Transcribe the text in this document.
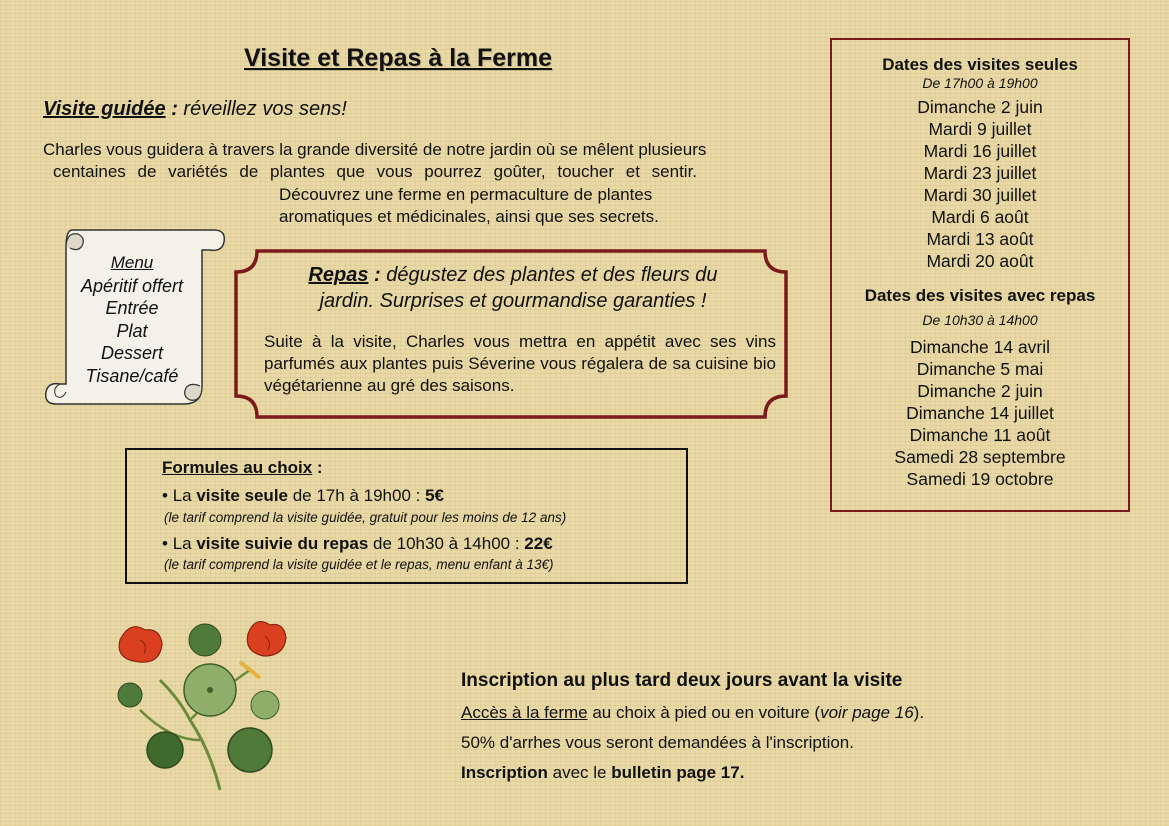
Visite et Repas à la Ferme
Visite guidée : réveillez vos sens!
Charles vous guidera à travers la grande diversité de notre jardin où se mêlent plusieurs
centaines de variétés de plantes que vous pourrez goûter, toucher et sentir.
Découvrez une ferme en permaculture de plantes
aromatiques et médicinales, ainsi que ses secrets.
Menu
Apéritif offert
Entrée
Plat
Dessert
Tisane/café
Repas : dégustez des plantes et des fleurs du
jardin. Surprises et gourmandise garanties !
Suite à la visite, Charles vous mettra en appétit avec ses vins parfumés aux plantes puis Séverine vous régalera de sa cuisine bio végétarienne au gré des saisons.
Formules au choix :
• La visite seule de 17h à 19h00 : 5€
(le tarif comprend la visite guidée, gratuit pour les moins de 12 ans)
• La visite suivie du repas de 10h30 à 14h00 : 22€
(le tarif comprend la visite guidée et le repas, menu enfant à 13€)
Dates des visites seules
De 17h00 à 19h00
Dimanche 2 juin
Mardi 9 juillet
Mardi 16 juillet
Mardi 23 juillet
Mardi 30 juillet
Mardi 6 août
Mardi 13 août
Mardi 20 août
Dates des visites avec repas
De 10h30 à 14h00
Dimanche 14 avril
Dimanche 5 mai
Dimanche 2 juin
Dimanche 14 juillet
Dimanche 11 août
Samedi 28 septembre
Samedi 19 octobre
Inscription au plus tard deux jours avant la visite
Accès à la ferme au choix à pied ou en voiture (voir page 16).
50% d'arrhes vous seront demandées à l'inscription.
Inscription avec le bulletin page 17.
